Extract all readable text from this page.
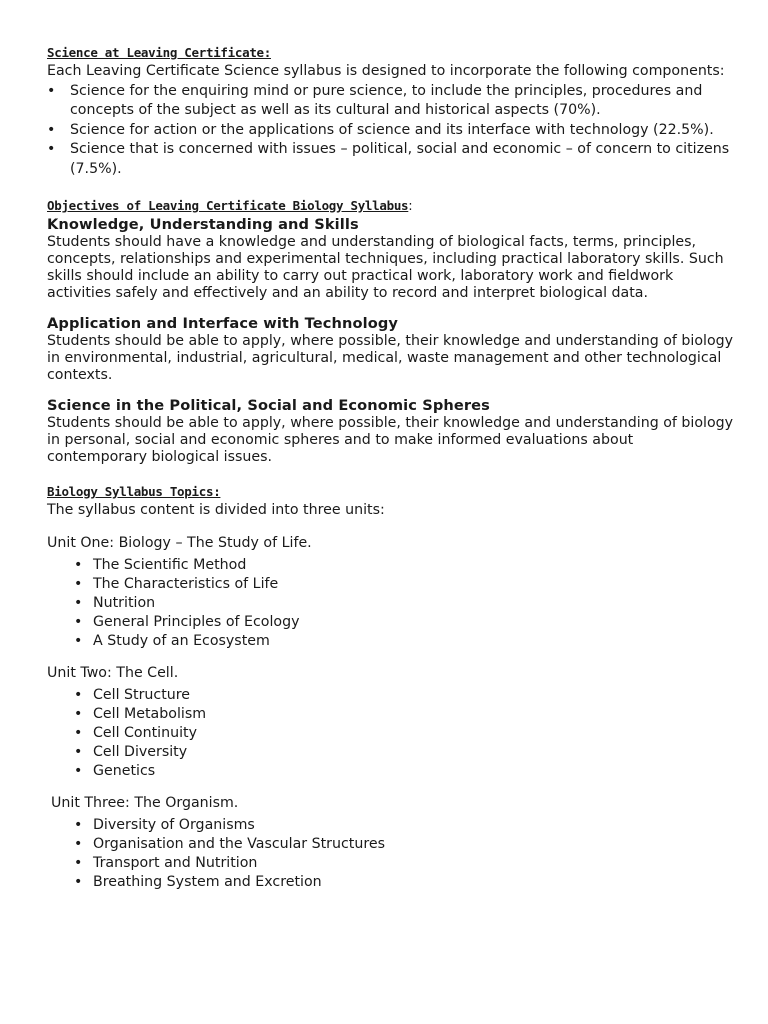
Science at Leaving Certificate:

Each Leaving Certificate Science syllabus is designed to incorporate the following components:

• Science for the enquiring mind or pure science, to include the principles, procedures and concepts of the subject as well as its cultural and historical aspects (70%).
• Science for action or the applications of science and its interface with technology (22.5%).
• Science that is concerned with issues – political, social and economic – of concern to citizens (7.5%).
Objectives of Leaving Certificate Biology Syllabus:
Knowledge, Understanding and Skills

Students should have a knowledge and understanding of biological facts, terms, principles, concepts, relationships and experimental techniques, including practical laboratory skills. Such skills should include an ability to carry out practical work, laboratory work and fieldwork activities safely and effectively and an ability to record and interpret biological data.

Application and Interface with Technology

Students should be able to apply, where possible, their knowledge and understanding of biology in environmental, industrial, agricultural, medical, waste management and other technological contexts.

Science in the Political, Social and Economic Spheres

Students should be able to apply, where possible, their knowledge and understanding of biology in personal, social and economic spheres and to make informed evaluations about contemporary biological issues.

Biology Syllabus Topics:

The syllabus content is divided into three units:

Unit One: Biology – The Study of Life.
• The Scientific Method
• The Characteristics of Life
• Nutrition
• General Principles of Ecology
• A Study of an Ecosystem
Unit Two: The Cell.
• Cell Structure
• Cell Metabolism
• Cell Continuity
• Cell Diversity
• Genetics
Unit Three: The Organism.
• Diversity of Organisms
• Organisation and the Vascular Structures
• Transport and Nutrition
• Breathing System and Excretion
